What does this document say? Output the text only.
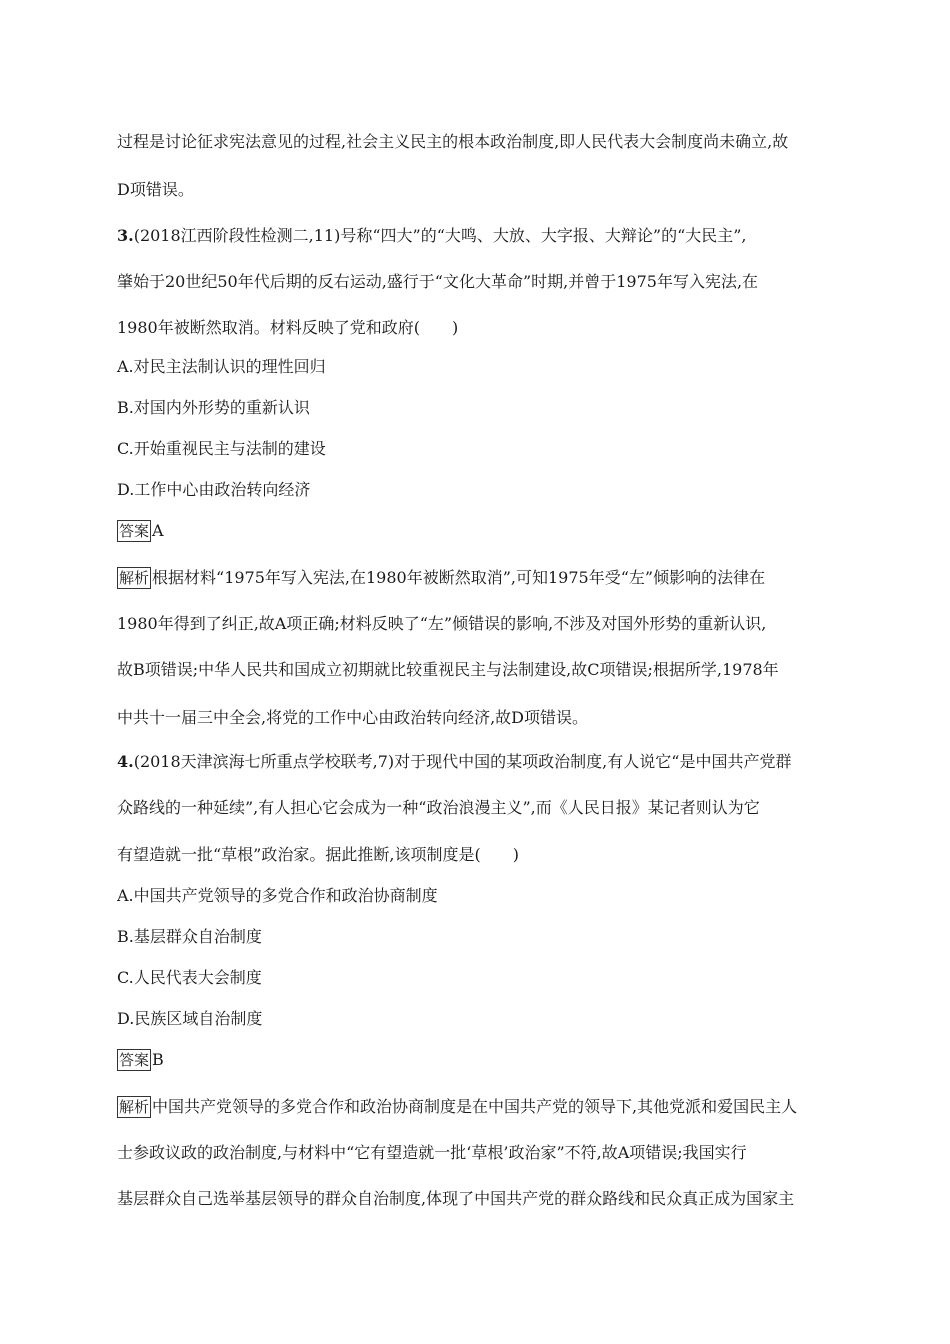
过程是讨论征求宪法意见的过程,社会主义民主的根本政治制度,即人民代表大会制度尚未确立,故
D项错误。
3.(2018江西阶段性检测二,11)号称“四大”的“大鸣、大放、大字报、大辩论”的“大民主”,
肇始于20世纪50年代后期的反右运动,盛行于“文化大革命”时期,并曾于1975年写入宪法,在
1980年被断然取消。材料反映了党和政府(　　)
A.对民主法制认识的理性回归
B.对国内外形势的重新认识
C.开始重视民主与法制的建设
D.工作中心由政治转向经济
答案 A
解析 根据材料“1975年写入宪法,在1980年被断然取消”,可知1975年受“左”倾影响的法律在
1980年得到了纠正,故A项正确;材料反映了“左”倾错误的影响,不涉及对国外形势的重新认识,
故B项错误;中华人民共和国成立初期就比较重视民主与法制建设,故C项错误;根据所学,1978年
中共十一届三中全会,将党的工作中心由政治转向经济,故D项错误。
4.(2018天津滨海七所重点学校联考,7)对于现代中国的某项政治制度,有人说它“是中国共产党群
众路线的一种延续”,有人担心它会成为一种“政治浪漫主义”,而《人民日报》某记者则认为它
有望造就一批“草根”政治家。据此推断,该项制度是(　　)
A.中国共产党领导的多党合作和政治协商制度
B.基层群众自治制度
C.人民代表大会制度
D.民族区域自治制度
答案 B
解析 中国共产党领导的多党合作和政治协商制度是在中国共产党的领导下,其他党派和爱国民主人
士参政议政的政治制度,与材料中“它有望造就一批‘草根’政治家”不符,故A项错误;我国实行
基层群众自己选举基层领导的群众自治制度,体现了中国共产党的群众路线和民众真正成为国家主
